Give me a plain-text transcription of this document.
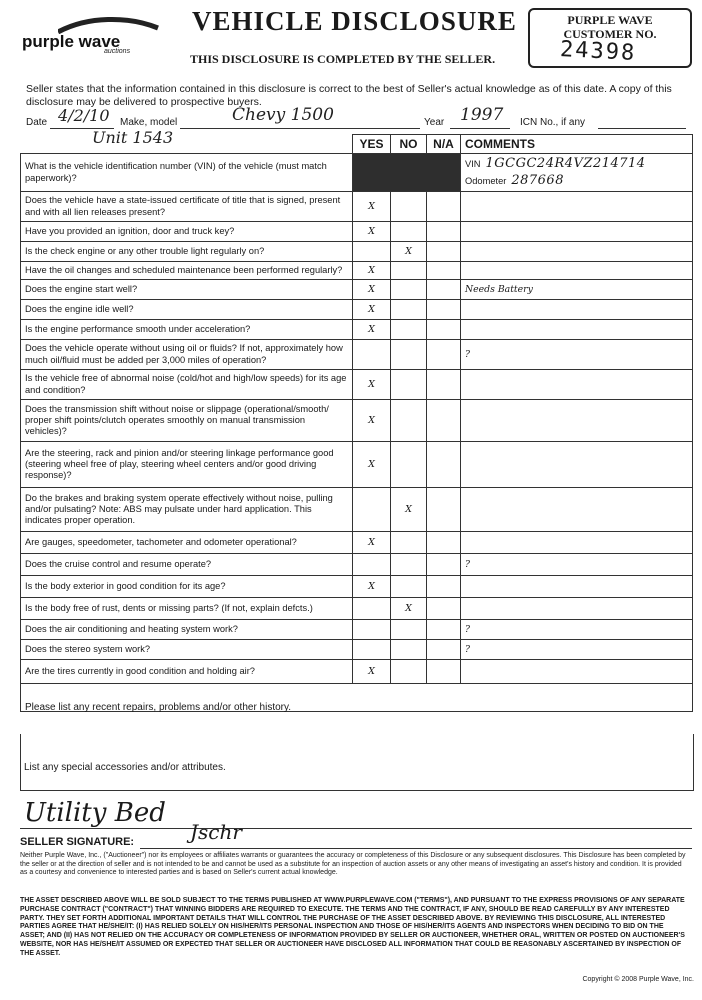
purple wave
auctions
VEHICLE DISCLOSURE
THIS DISCLOSURE IS COMPLETED BY THE SELLER.
PURPLE WAVE
CUSTOMER NO.
24398
Seller states that the information contained in this disclosure is correct to the best of Seller's actual knowledge as of this date. A copy of this disclosure may be delivered to prospective buyers.
Date 4/2/10 Make, model	Chevy 1500	Year 1997 ICN No., if any
Unit 1543
		YES	NO	N/A	COMMENTS
What is the vehicle identification number (VIN) of the vehicle (must match paperwork)?				VIN 1GCGC24R4VZ214714
Odometer 287668

Does the vehicle have a state-issued certificate of title that is signed, present and with all lien releases present?	X			
Have you provided an ignition, door and truck key?	X			
Is the check engine or any other trouble light regularly on?		X		
Have the oil changes and scheduled maintenance been performed regularly?	X			
Does the engine start well?	X			Needs Battery
Does the engine idle well?	X			
Is the engine performance smooth under acceleration?	X			
Does the vehicle operate without using oil or fluids? If not, approximately how much oil/fluid must be added per 3,000 miles of operation?				?
Is the vehicle free of abnormal noise (cold/hot and high/low speeds) for its age and condition?	X			
Does the transmission shift without noise or slippage (operational/smooth/ proper shift points/clutch operates smoothly on manual transmission vehicles)?	X			
Are the steering, rack and pinion and/or steering linkage performance good (steering wheel free of play, steering wheel centers and/or good driving response)?	X			
Do the brakes and braking system operate effectively without noise, pulling and/or pulsating? Note: ABS may pulsate under hard application. This indicates proper operation.		X		
Are gauges, speedometer, tachometer and odometer operational?	X			
Does the cruise control and resume operate?				?
Is the body exterior in good condition for its age?	X			
Is the body free of rust, dents or missing parts? (If not, explain defcts.)		X		
Does the air conditioning and heating system work?				?
Does the stereo system work?				?
Are the tires currently in good condition and holding air?	X			

Please list any recent repairs, problems and/or other history.
List any special accessories and/or attributes.
Utility Bed
SELLER SIGNATURE:	Jschr
Neither Purple Wave, Inc., ("Auctioneer") nor its employees or affiliates warrants or guarantees the accuracy or completeness of this Disclosure or any subsequent disclosures. This Disclosure has been completed by the seller or at the direction of seller and is not intended to be and cannot be used as a substitute for an inspection of auction assets or any other means of investigating an asset's history and condition. It is provided as a courtesy and convenience to interested parties and is based on Seller's current actual knowledge.
THE ASSET DESCRIBED ABOVE WILL BE SOLD SUBJECT TO THE TERMS PUBLISHED AT WWW.PURPLEWAVE.COM ("TERMS"), AND PURSUANT TO THE EXPRESS PROVISIONS OF ANY SEPARATE PURCHASE CONTRACT ("CONTRACT") THAT WINNING BIDDERS ARE REQUIRED TO EXECUTE. THE TERMS AND THE CONTRACT, IF ANY, SHOULD BE READ CAREFULLY BY ANY INTERESTED PARTY. THEY SET FORTH ADDITIONAL IMPORTANT DETAILS THAT WILL CONTROL THE PURCHASE OF THE ASSET DESCRIBED ABOVE. BY REVIEWING THIS DISCLOSURE, ALL INTERESTED PARTIES AGREE THAT HE/SHE/IT: (I) HAS RELIED SOLELY ON HIS/HER/ITS PERSONAL INSPECTION AND THOSE OF HIS/HER/ITS AGENTS AND INSPECTORS WHEN DECIDING TO BID ON THE ASSET; AND (II) HAS NOT RELIED ON THE ACCURACY OR COMPLETENESS OF INFORMATION PROVIDED BY SELLER OR AUCTIONEER, WHETHER ORAL, WRITTEN OR POSTED ON AUCTIONEER'S WEBSITE, NOR HAS HE/SHE/IT ASSUMED OR EXPECTED THAT SELLER OR AUCTIONEER HAVE DISCLOSED ALL INFORMATION THAT COULD BE REASONABLY ASCERTAINED BY INSPECTION OF THE ASSET.
Copyright © 2008 Purple Wave, Inc.
